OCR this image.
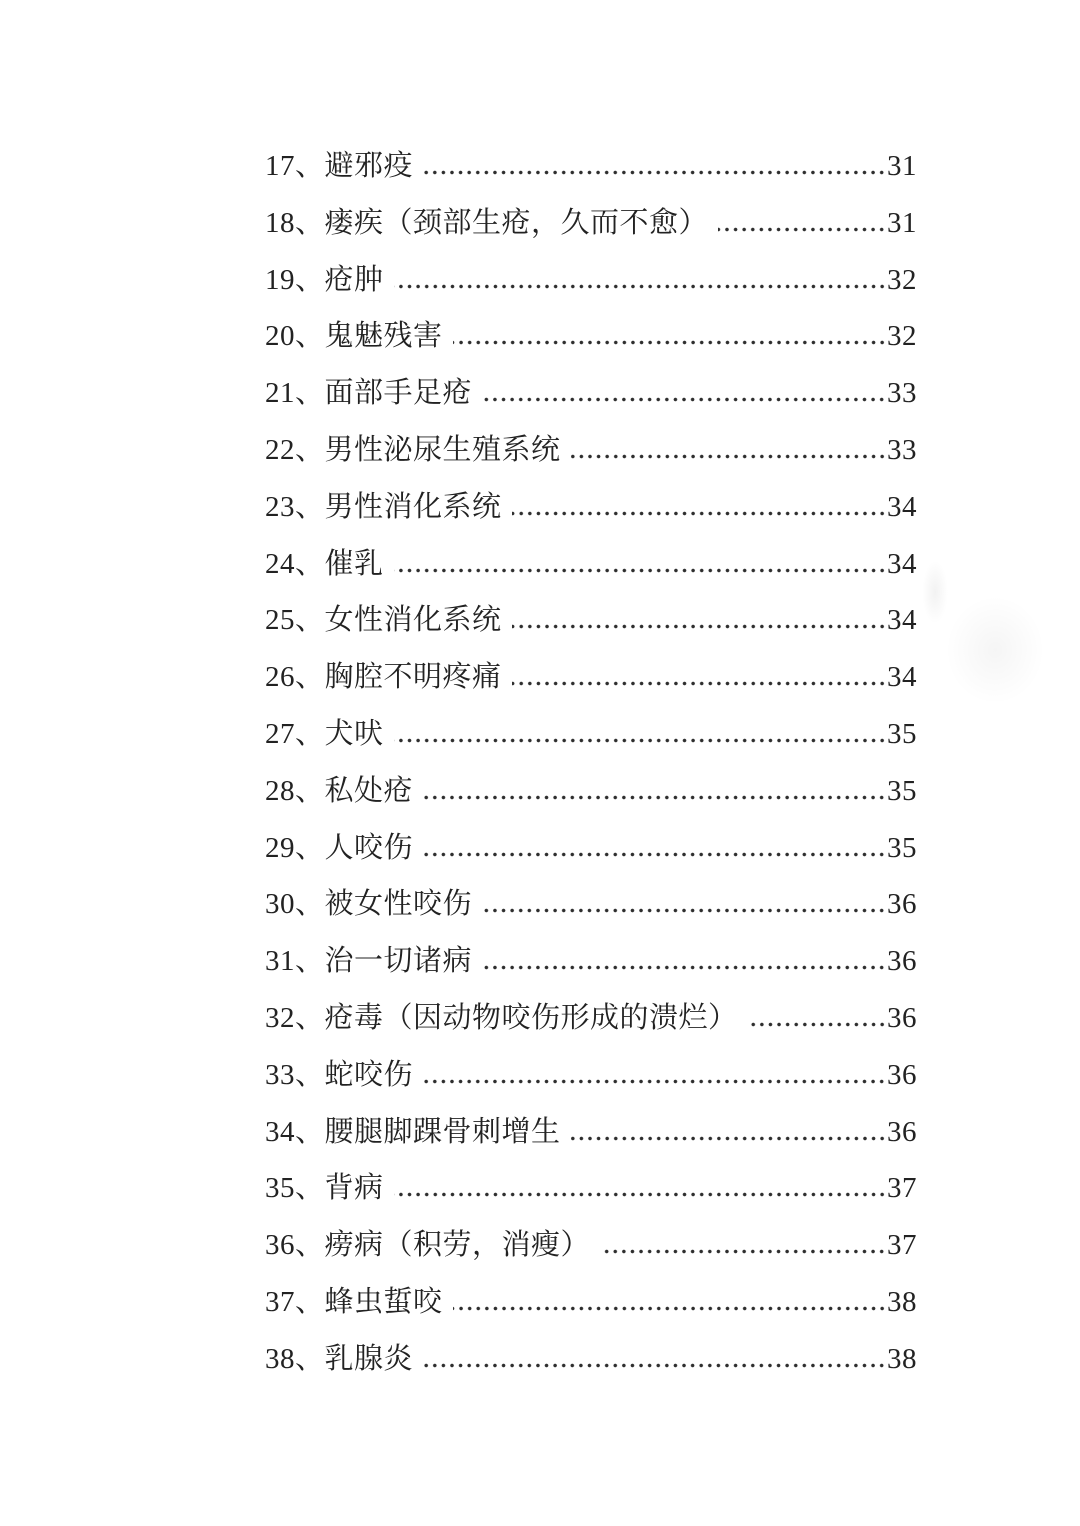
17、 避邪疫	31
18、 瘘疾（颈部生疮，久而不愈）	31
19、 疮肿	32
20、 鬼魅残害	32
21、 面部手足疮	33
22、 男性泌尿生殖系统	33
23、 男性消化系统	34
24、 催乳	34
25、 女性消化系统	34
26、 胸腔不明疼痛	34
27、 犬吠	35
28、 私处疮	35
29、 人咬伤	35
30、 被女性咬伤	36
31、 治一切诸病	36
32、 疮毒（因动物咬伤形成的溃烂）	36
33、 蛇咬伤	36
34、 腰腿脚踝骨刺增生	36
35、 背病	37
36、 痨病（积劳，消瘦）	37
37、 蜂虫蜇咬	38
38、 乳腺炎	38
